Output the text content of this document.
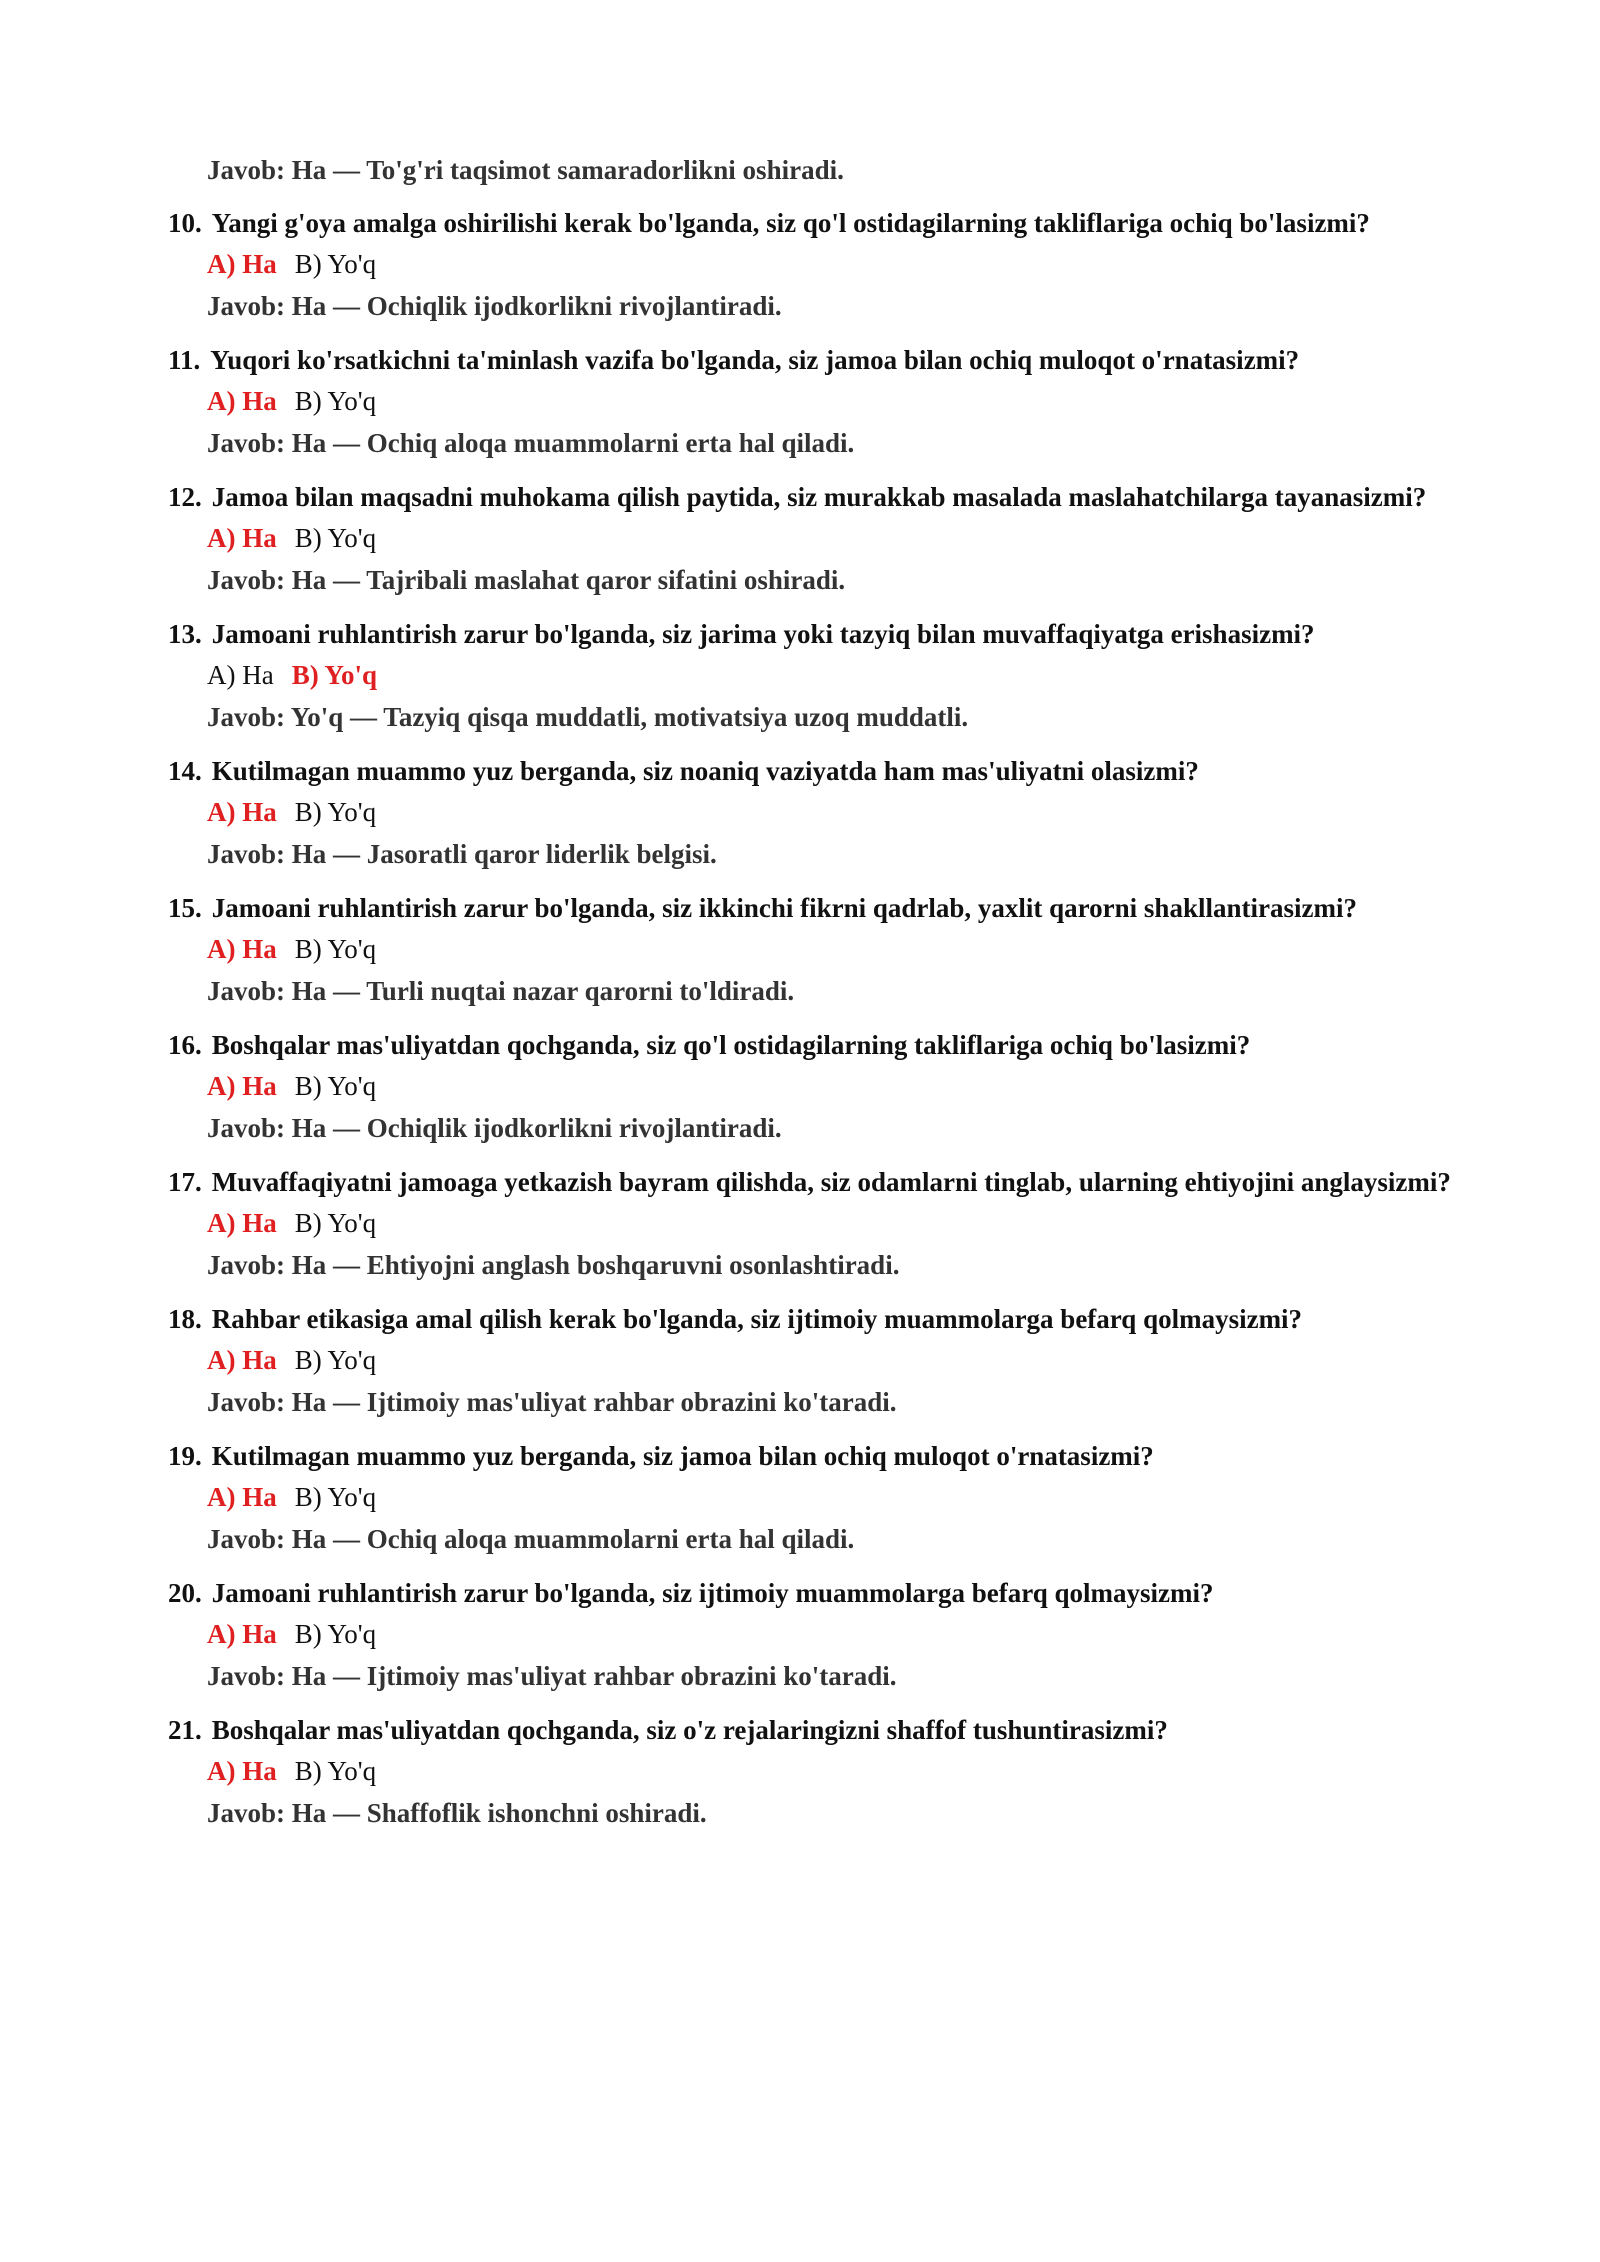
Javob: Ha — To'g'ri taqsimot samaradorlikni oshiradi.
10. Yangi g'oya amalga oshirilishi kerak bo'lganda, siz qo'l ostidagilarning takliflariga ochiq bo'lasizmi?
A) Ha B) Yo'q
Javob: Ha — Ochiqlik ijodkorlikni rivojlantiradi.
11. Yuqori ko'rsatkichni ta'minlash vazifa bo'lganda, siz jamoa bilan ochiq muloqot o'rnatasizmi?
A) Ha B) Yo'q
Javob: Ha — Ochiq aloqa muammolarni erta hal qiladi.
12. Jamoa bilan maqsadni muhokama qilish paytida, siz murakkab masalada maslahatchilarga tayanasizmi?
A) Ha B) Yo'q
Javob: Ha — Tajribali maslahat qaror sifatini oshiradi.
13. Jamoani ruhlantirish zarur bo'lganda, siz jarima yoki tazyiq bilan muvaffaqiyatga erishasizmi?
A) Ha B) Yo'q
Javob: Yo'q — Tazyiq qisqa muddatli, motivatsiya uzoq muddatli.
14. Kutilmagan muammo yuz berganda, siz noaniq vaziyatda ham mas'uliyatni olasizmi?
A) Ha B) Yo'q
Javob: Ha — Jasoratli qaror liderlik belgisi.
15. Jamoani ruhlantirish zarur bo'lganda, siz ikkinchi fikrni qadrlab, yaxlit qarorni shakllantirasizmi?
A) Ha B) Yo'q
Javob: Ha — Turli nuqtai nazar qarorni to'ldiradi.
16. Boshqalar mas'uliyatdan qochganda, siz qo'l ostidagilarning takliflariga ochiq bo'lasizmi?
A) Ha B) Yo'q
Javob: Ha — Ochiqlik ijodkorlikni rivojlantiradi.
17. Muvaffaqiyatni jamoaga yetkazish bayram qilishda, siz odamlarni tinglab, ularning ehtiyojini anglaysizmi?
A) Ha B) Yo'q
Javob: Ha — Ehtiyojni anglash boshqaruvni osonlashtiradi.
18. Rahbar etikasiga amal qilish kerak bo'lganda, siz ijtimoiy muammolarga befarq qolmaysizmi?
A) Ha B) Yo'q
Javob: Ha — Ijtimoiy mas'uliyat rahbar obrazini ko'taradi.
19. Kutilmagan muammo yuz berganda, siz jamoa bilan ochiq muloqot o'rnatasizmi?
A) Ha B) Yo'q
Javob: Ha — Ochiq aloqa muammolarni erta hal qiladi.
20. Jamoani ruhlantirish zarur bo'lganda, siz ijtimoiy muammolarga befarq qolmaysizmi?
A) Ha B) Yo'q
Javob: Ha — Ijtimoiy mas'uliyat rahbar obrazini ko'taradi.
21. Boshqalar mas'uliyatdan qochganda, siz o'z rejalaringizni shaffof tushuntirasizmi?
A) Ha B) Yo'q
Javob: Ha — Shaffoflik ishonchni oshiradi.
